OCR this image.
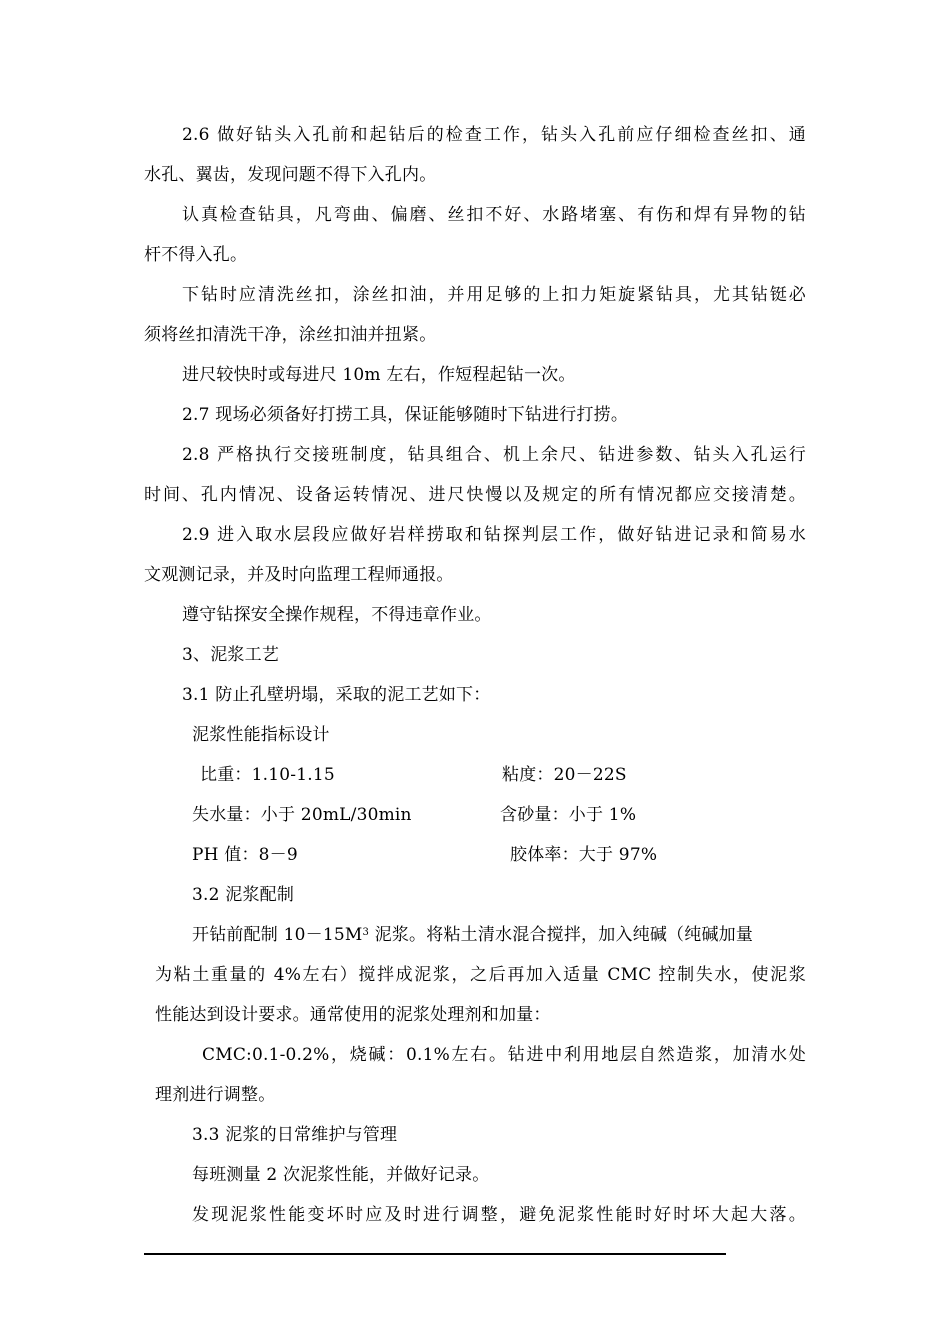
2.6 做好钻头入孔前和起钻后的检查工作，钻头入孔前应仔细检查丝扣、通
水孔、翼齿，发现问题不得下入孔内。
认真检查钻具，凡弯曲、偏磨、丝扣不好、水路堵塞、有伤和焊有异物的钻
杆不得入孔。
下钻时应清洗丝扣，涂丝扣油，并用足够的上扣力矩旋紧钻具，尤其钻铤必
须将丝扣清洗干净，涂丝扣油并扭紧。
进尺较快时或每进尺 10m 左右，作短程起钻一次。
2.7 现场必须备好打捞工具，保证能够随时下钻进行打捞。
2.8 严格执行交接班制度，钻具组合、机上余尺、钻进参数、钻头入孔运行
时间、孔内情况、设备运转情况、进尺快慢以及规定的所有情况都应交接清楚。
2.9 进入取水层段应做好岩样捞取和钻探判层工作，做好钻进记录和简易水
文观测记录，并及时向监理工程师通报。
遵守钻探安全操作规程，不得违章作业。
3、泥浆工艺
3.1 防止孔壁坍塌，采取的泥工艺如下：
泥浆性能指标设计
比重：1.10-1.15	粘度：20－22S
失水量：小于 20mL/30min	含砂量：小于 1%
PH 值：8－9	胶体率：大于 97%
3.2 泥浆配制
开钻前配制 $10-15M^3$ 泥浆。将粘土清水混合搅拌，加入纯碱（纯碱加量
为粘土重量的 4%左右）搅拌成泥浆，之后再加入适量 CMC 控制失水，使泥浆
性能达到设计要求。通常使用的泥浆处理剂和加量：
CMC:0.1-0.2%，烧碱：0.1%左右。钻进中利用地层自然造浆，加清水处
理剂进行调整。
3.3 泥浆的日常维护与管理
每班测量 2 次泥浆性能，并做好记录。
发现泥浆性能变坏时应及时进行调整，避免泥浆性能时好时坏大起大落。
